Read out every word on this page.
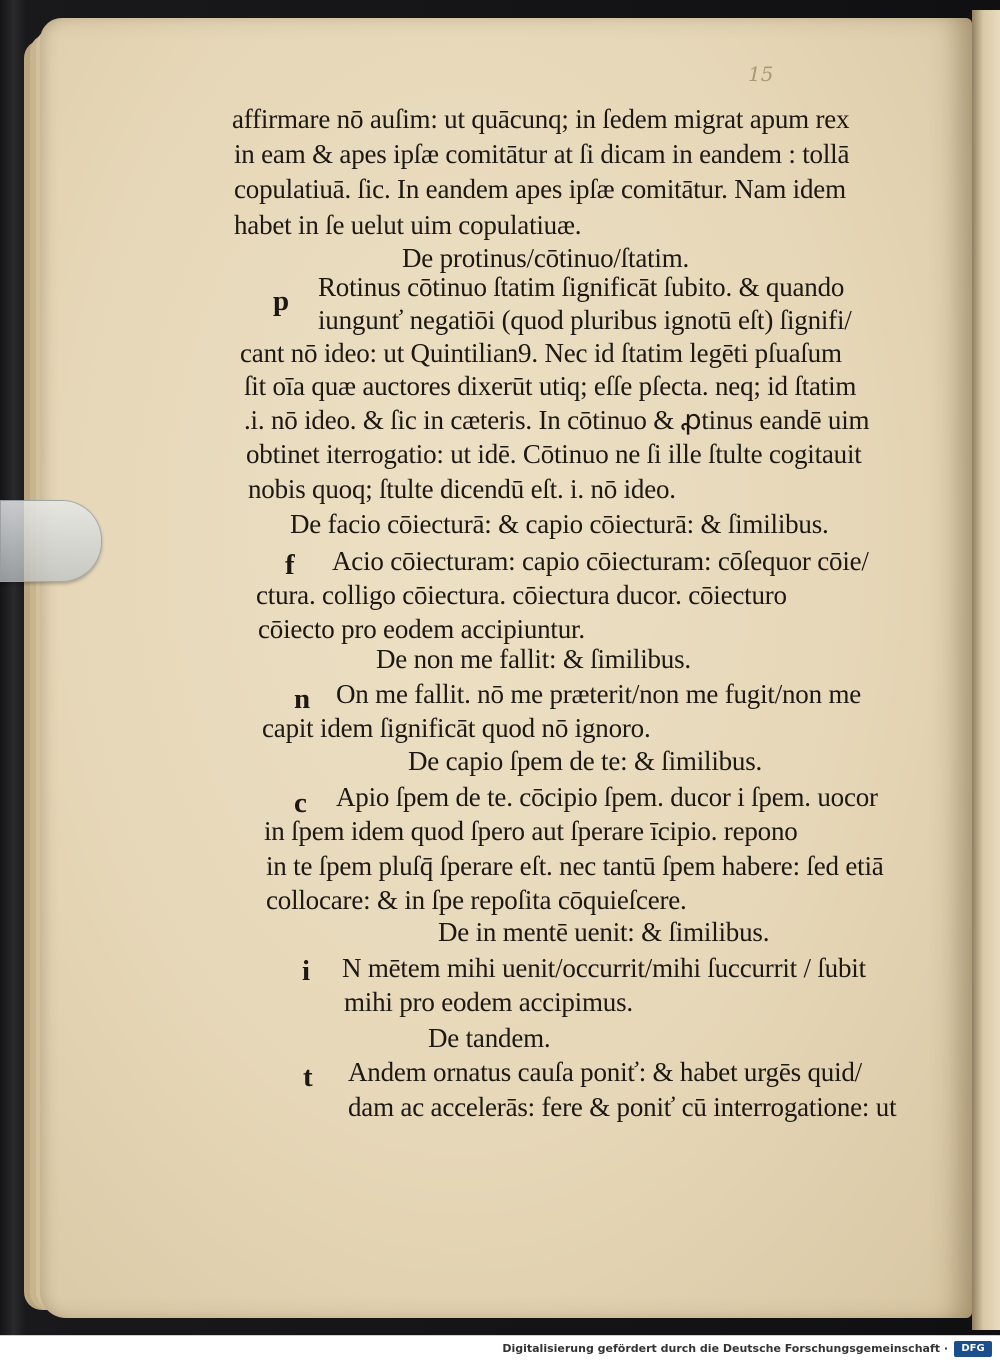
15
affirmare nō auſim: ut quācunq; in ſedem migrat apum rex
in eam & apes ipſæ comitātur at ſi dicam in eandem : tollā
copulatiuā. ſic. In eandem apes ipſæ comitātur. Nam idem
habet in ſe uelut uim copulatiuæ.
De protinus/cōtinuo/ſtatim.
p Rotinus cōtinuo ſtatim ſignificāt ſubito. & quando
iungunť negatiōi (quod pluribus ignotū eſt) ſignifi/
cant nō ideo: ut Quintilian9. Nec id ſtatim legēti pſuaſum
ſit oīa quæ auctores dixerūt utiq; eſſe pſecta. neq; id ſtatim
.i. nō ideo. & ſic in cæteris. In cōtinuo & ꝓtinus eandē uim
obtinet iterrogatio: ut idē. Cōtinuo ne ſi ille ſtulte cogitauit
nobis quoq; ſtulte dicendū eſt. i. nō ideo.
De facio cōiecturā: & capio cōiecturā: & ſimilibus.
f Acio cōiecturam: capio cōiecturam: cōſequor cōie/
ctura. colligo cōiectura. cōiectura ducor. cōiecturo
cōiecto pro eodem accipiuntur.
De non me fallit: & ſimilibus.
n On me fallit. nō me præterit/non me fugit/non me
capit idem ſignificāt quod nō ignoro.
De capio ſpem de te: & ſimilibus.
c Apio ſpem de te. cōcipio ſpem. ducor i ſpem. uocor
in ſpem idem quod ſpero aut ſperare īcipio. repono
in te ſpem pluſq̄ ſperare eſt. nec tantū ſpem habere: ſed etiā
collocare: & in ſpe repoſita cōquieſcere.
De in mentē uenit: & ſimilibus.
i N mētem mihi uenit/occurrit/mihi ſuccurrit / ſubit
mihi pro eodem accipimus.
De tandem.
t Andem ornatus cauſa poniť: & habet urgēs quid/
dam ac accelerās: fere & poniť cū interrogatione: ut
Digitalisierung gefördert durch die Deutsche Forschungsgemeinschaft ·	DFG
